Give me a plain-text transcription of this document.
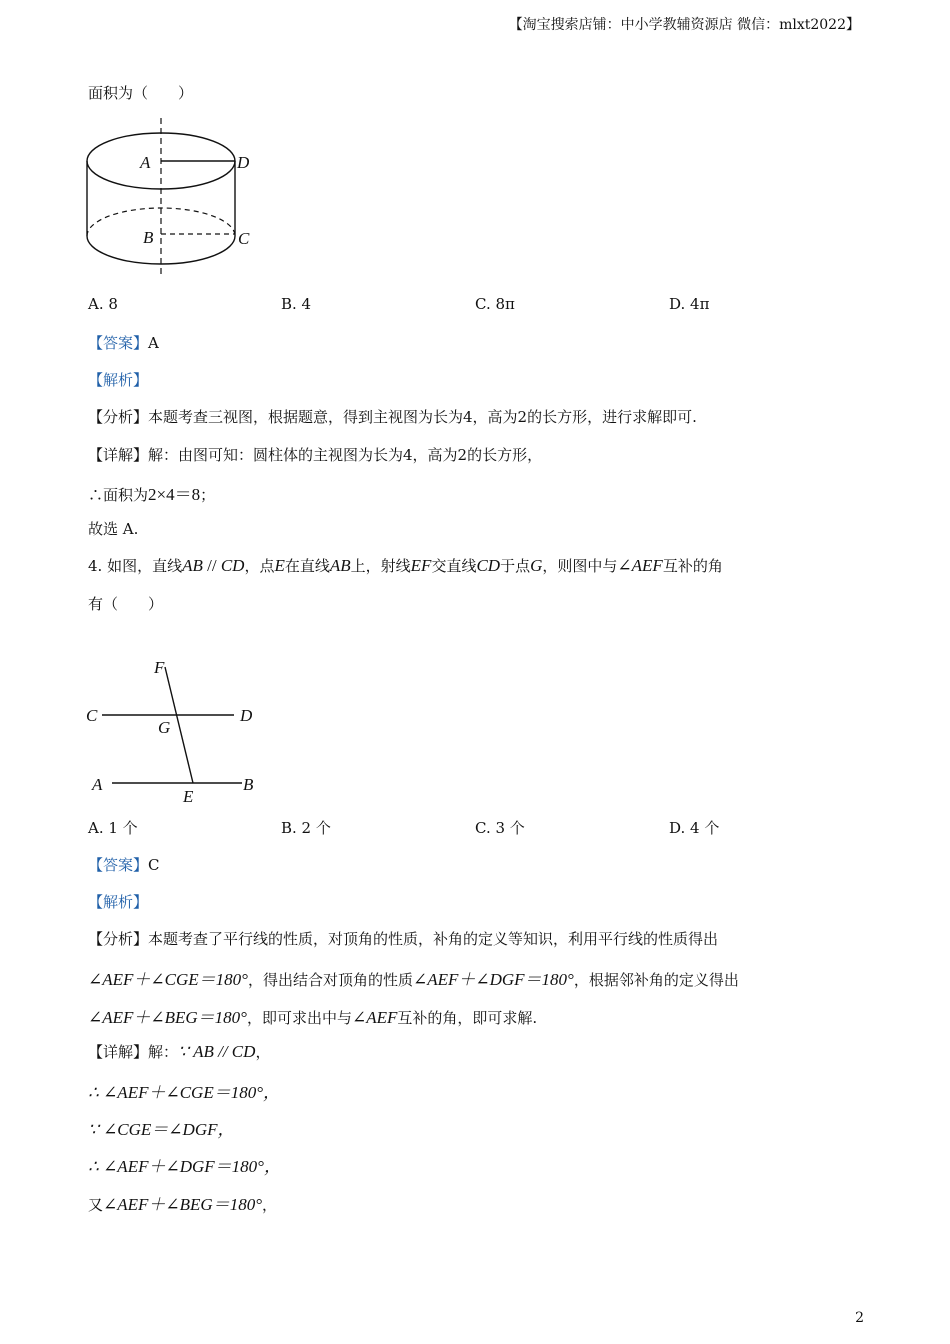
【淘宝搜索店铺：中小学教辅资源店 微信：mlxt2022】
面积为（　　）
A	D
B	C
A. 8	B. 4	C. 8π	D. 4π
【答案】A
【解析】
【分析】本题考查三视图，根据题意，得到主视图为长为4，高为2的长方形，进行求解即可.
【详解】解：由图可知：圆柱体的主视图为长为4，高为2的长方形，
∴面积为2×4＝8；
故选 A.
4. 如图，直线AB // CD，点E在直线AB上，射线EF交直线CD于点G，则图中与∠AEF互补的角
有（　　）
F
C
G
D
A
E
B
A. 1 个	B. 2 个	C. 3 个	D. 4 个
【答案】C
【解析】
【分析】本题考查了平行线的性质，对顶角的性质，补角的定义等知识，利用平行线的性质得出
∠AEF＋∠CGE＝180°，得出结合对顶角的性质∠AEF＋∠DGF＝180°，根据邻补角的定义得出
∠AEF＋∠BEG＝180°，即可求出中与∠AEF互补的角，即可求解.
【详解】解：∵ AB // CD，
∴ ∠AEF＋∠CGE＝180°，
∵ ∠CGE＝∠DGF，
∴ ∠AEF＋∠DGF＝180°，
又∠AEF＋∠BEG＝180°，
2
